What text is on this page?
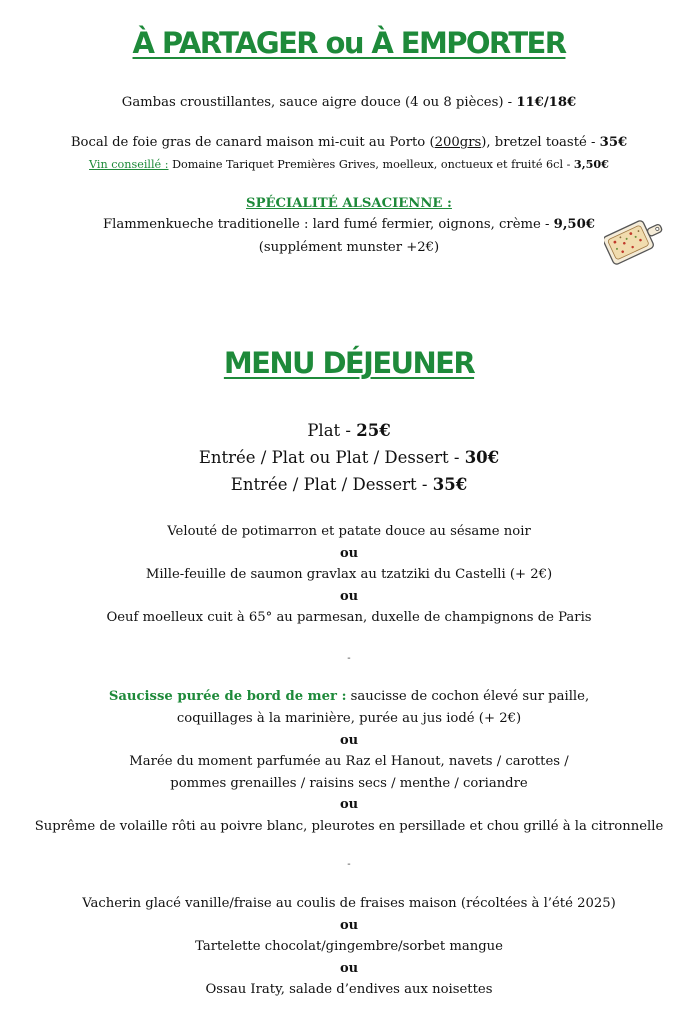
À PARTAGER ou À EMPORTER
Gambas croustillantes, sauce aigre douce (4 ou 8 pièces) - 11€/18€
Bocal de foie gras de canard maison mi-cuit au Porto (200grs), bretzel toasté - 35€
Vin conseillé : Domaine Tariquet Premières Grives, moelleux, onctueux et fruité 6cl - 3,50€
SPÉCIALITÉ ALSACIENNE :
Flammenkueche traditionelle : lard fumé fermier, oignons, crème - 9,50€
(supplément munster +2€)
MENU DÉJEUNER
Plat - 25€
Entrée / Plat ou Plat / Dessert - 30€
Entrée / Plat / Dessert - 35€
Velouté de potimarron et patate douce au sésame noir
ou
Mille-feuille de saumon gravlax au tzatziki du Castelli (+ 2€)
ou
Oeuf moelleux cuit à 65° au parmesan, duxelle de champignons de Paris
-
Saucisse purée de bord de mer : saucisse de cochon élevé sur paille,
coquillages à la marinière, purée au jus iodé (+ 2€)
ou
Marée du moment parfumée au Raz el Hanout, navets / carottes /
pommes grenailles / raisins secs / menthe / coriandre
ou
Suprême de volaille rôti au poivre blanc, pleurotes en persillade et chou grillé à la citronnelle
-
Vacherin glacé vanille/fraise au coulis de fraises maison (récoltées à l’été 2025)
ou
Tartelette chocolat/gingembre/sorbet mangue
ou
Ossau Iraty, salade d’endives aux noisettes
